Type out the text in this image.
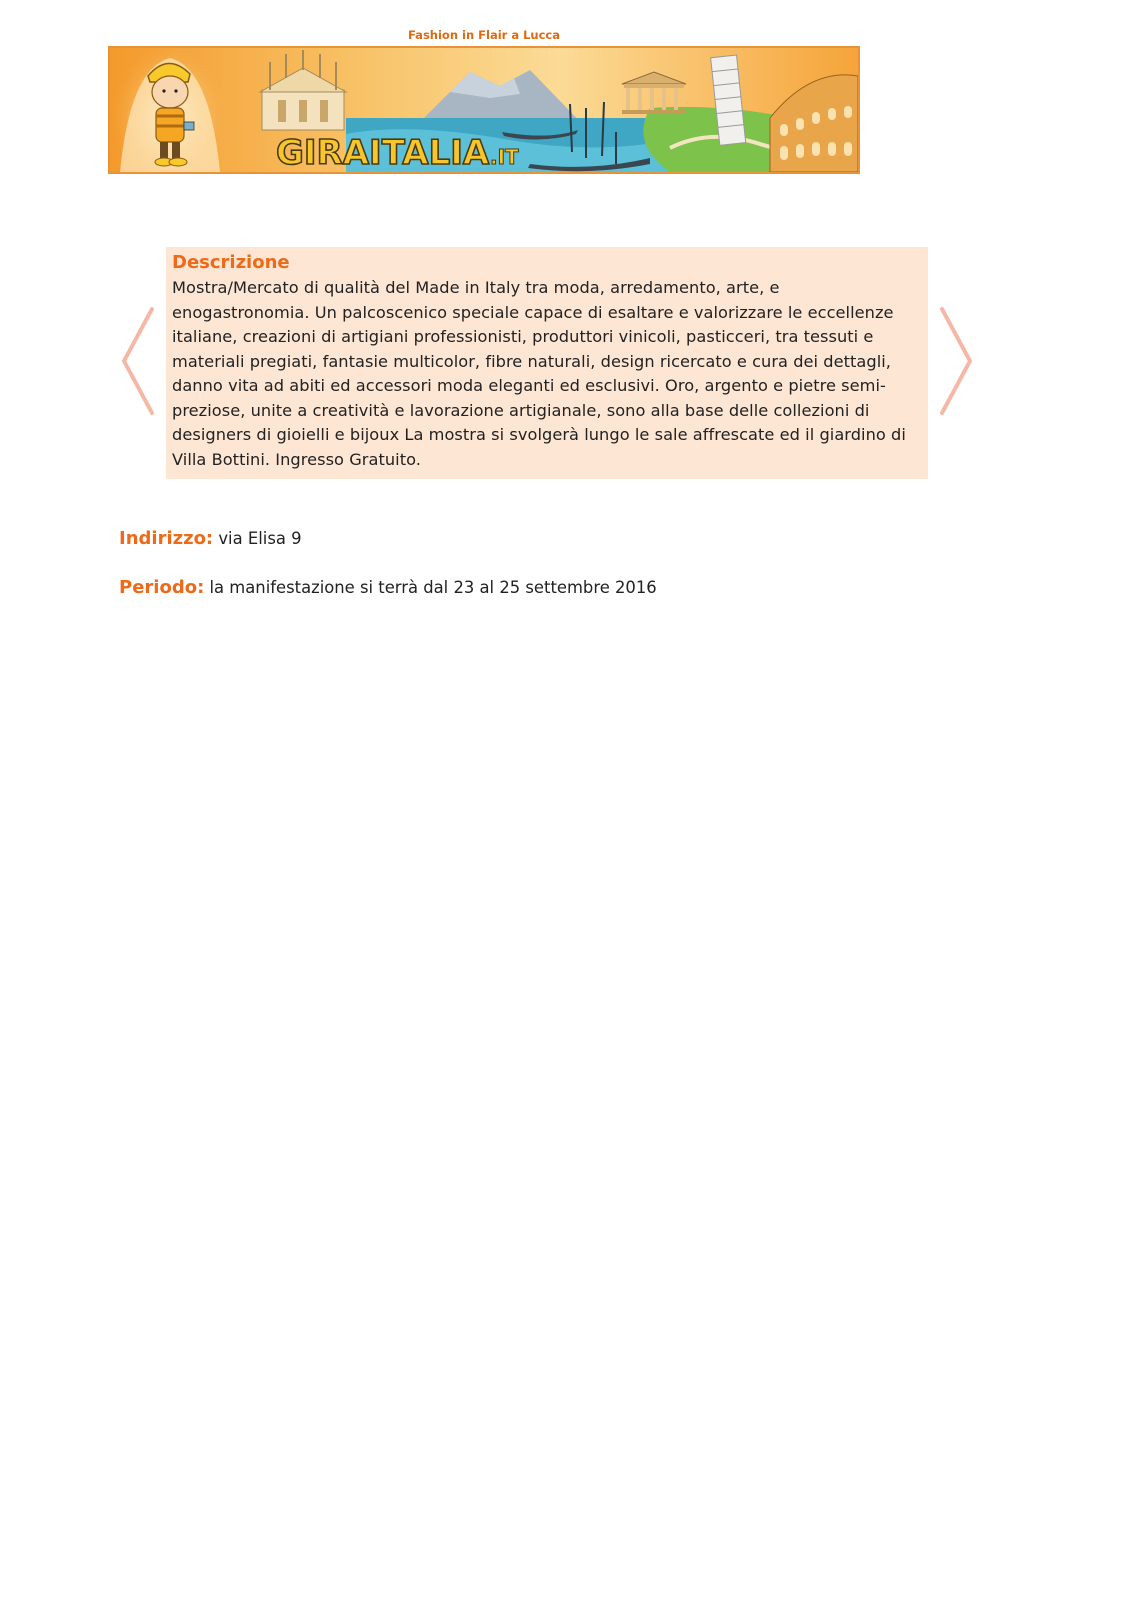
Fashion in Flair a Lucca
GIRAITALIA .IT
Descrizione

Mostra/Mercato di qualità del Made in Italy tra moda, arredamento, arte, e enogastronomia. Un palcoscenico speciale capace di esaltare e valorizzare le eccellenze italiane, creazioni di artigiani professionisti, produttori vinicoli, pasticceri, tra tessuti e materiali pregiati, fantasie multicolor, fibre naturali, design ricercato e cura dei dettagli, danno vita ad abiti ed accessori moda eleganti ed esclusivi. Oro, argento e pietre semi-preziose, unite a creatività e lavorazione artigianale, sono alla base delle collezioni di designers di gioielli e bijoux La mostra si svolgerà lungo le sale affrescate ed il giardino di Villa Bottini. Ingresso Gratuito.

Indirizzo: via Elisa 9
Periodo: la manifestazione si terrà dal 23 al 25 settembre 2016
